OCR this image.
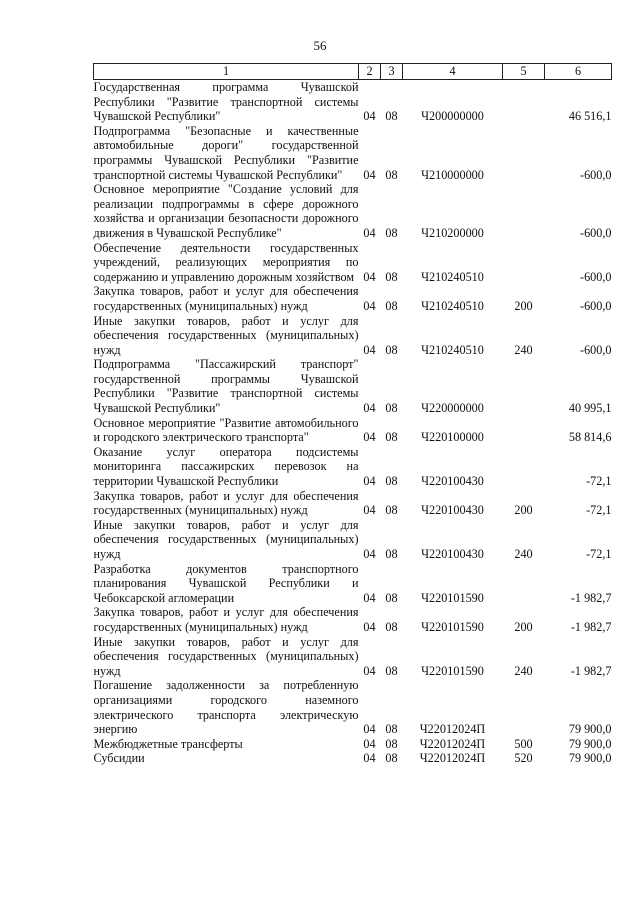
56
1	2	3	4	5	6
Государственная программа Чувашской Республики "Развитие транспортной системы Чувашской Республики"	04	08	Ч200000000		46 516,1
Подпрограмма "Безопасные и качественные автомобильные дороги" государственной программы Чувашской Республики "Развитие транспортной системы Чувашской Республики"	04	08	Ч210000000		-600,0
Основное мероприятие "Создание условий для реализации подпрограммы в сфере дорожного хозяйства и организации безопасности дорожного движения в Чувашской Республике"	04	08	Ч210200000		-600,0
Обеспечение деятельности государственных учреждений, реализующих мероприятия по содержанию и управлению дорожным хозяйством	04	08	Ч210240510		-600,0
Закупка товаров, работ и услуг для обеспечения государственных (муниципальных) нужд	04	08	Ч210240510	200	-600,0
Иные закупки товаров, работ и услуг для обеспечения государственных (муниципальных) нужд	04	08	Ч210240510	240	-600,0
Подпрограмма "Пассажирский транспорт" государственной программы Чувашской Республики "Развитие транспортной системы Чувашской Республики"	04	08	Ч220000000		40 995,1
Основное мероприятие "Развитие автомобильного и городского электрического транспорта"	04	08	Ч220100000		58 814,6
Оказание услуг оператора подсистемы мониторинга пассажирских перевозок на территории Чувашской Республики	04	08	Ч220100430		-72,1
Закупка товаров, работ и услуг для обеспечения государственных (муниципальных) нужд	04	08	Ч220100430	200	-72,1
Иные закупки товаров, работ и услуг для обеспечения государственных (муниципальных) нужд	04	08	Ч220100430	240	-72,1
Разработка документов транспортного планирования Чувашской Республики и Чебоксарской агломерации	04	08	Ч220101590		-1 982,7
Закупка товаров, работ и услуг для обеспечения государственных (муниципальных) нужд	04	08	Ч220101590	200	-1 982,7
Иные закупки товаров, работ и услуг для обеспечения государственных (муниципальных) нужд	04	08	Ч220101590	240	-1 982,7
Погашение задолженности за потребленную организациями городского наземного электрического транспорта электрическую энергию	04	08	Ч22012024П		79 900,0
Межбюджетные трансферты	04	08	Ч22012024П	500	79 900,0
Субсидии	04	08	Ч22012024П	520	79 900,0
